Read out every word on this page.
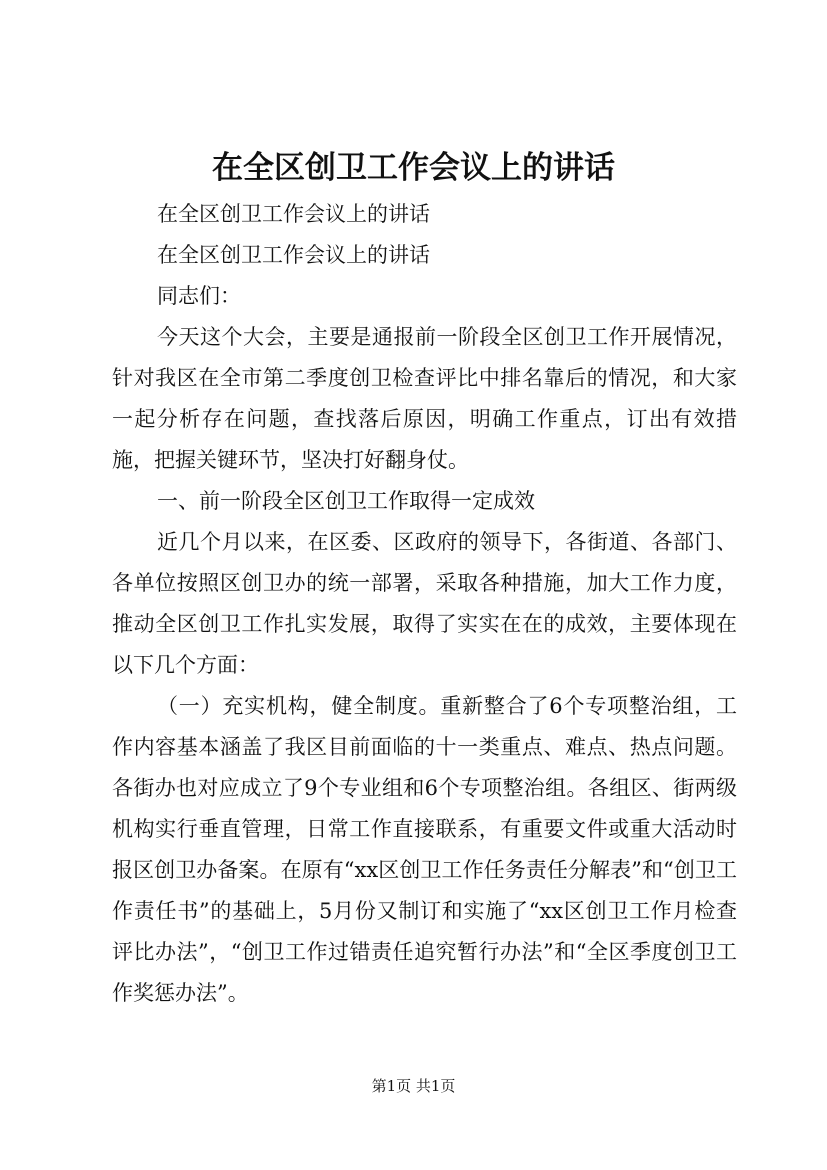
在全区创卫工作会议上的讲话

在全区创卫工作会议上的讲话

在全区创卫工作会议上的讲话

同志们：

今天这个大会，主要是通报前一阶段全区创卫工作开展情况，针对我区在全市第二季度创卫检查评比中排名靠后的情况，和大家一起分析存在问题，查找落后原因，明确工作重点，订出有效措施，把握关键环节，坚决打好翻身仗。

一、前一阶段全区创卫工作取得一定成效

近几个月以来，在区委、区政府的领导下，各街道、各部门、各单位按照区创卫办的统一部署，采取各种措施，加大工作力度，推动全区创卫工作扎实发展，取得了实实在在的成效，主要体现在以下几个方面：

（一）充实机构，健全制度。重新整合了6个专项整治组，工作内容基本涵盖了我区目前面临的十一类重点、难点、热点问题。各街办也对应成立了9个专业组和6个专项整治组。各组区、街两级机构实行垂直管理，日常工作直接联系，有重要文件或重大活动时报区创卫办备案。在原有“xx区创卫工作任务责任分解表”和“创卫工作责任书”的基础上，5月份又制订和实施了“xx区创卫工作月检查评比办法”，“创卫工作过错责任追究暂行办法”和“全区季度创卫工作奖惩办法”。

第1页 共1页
